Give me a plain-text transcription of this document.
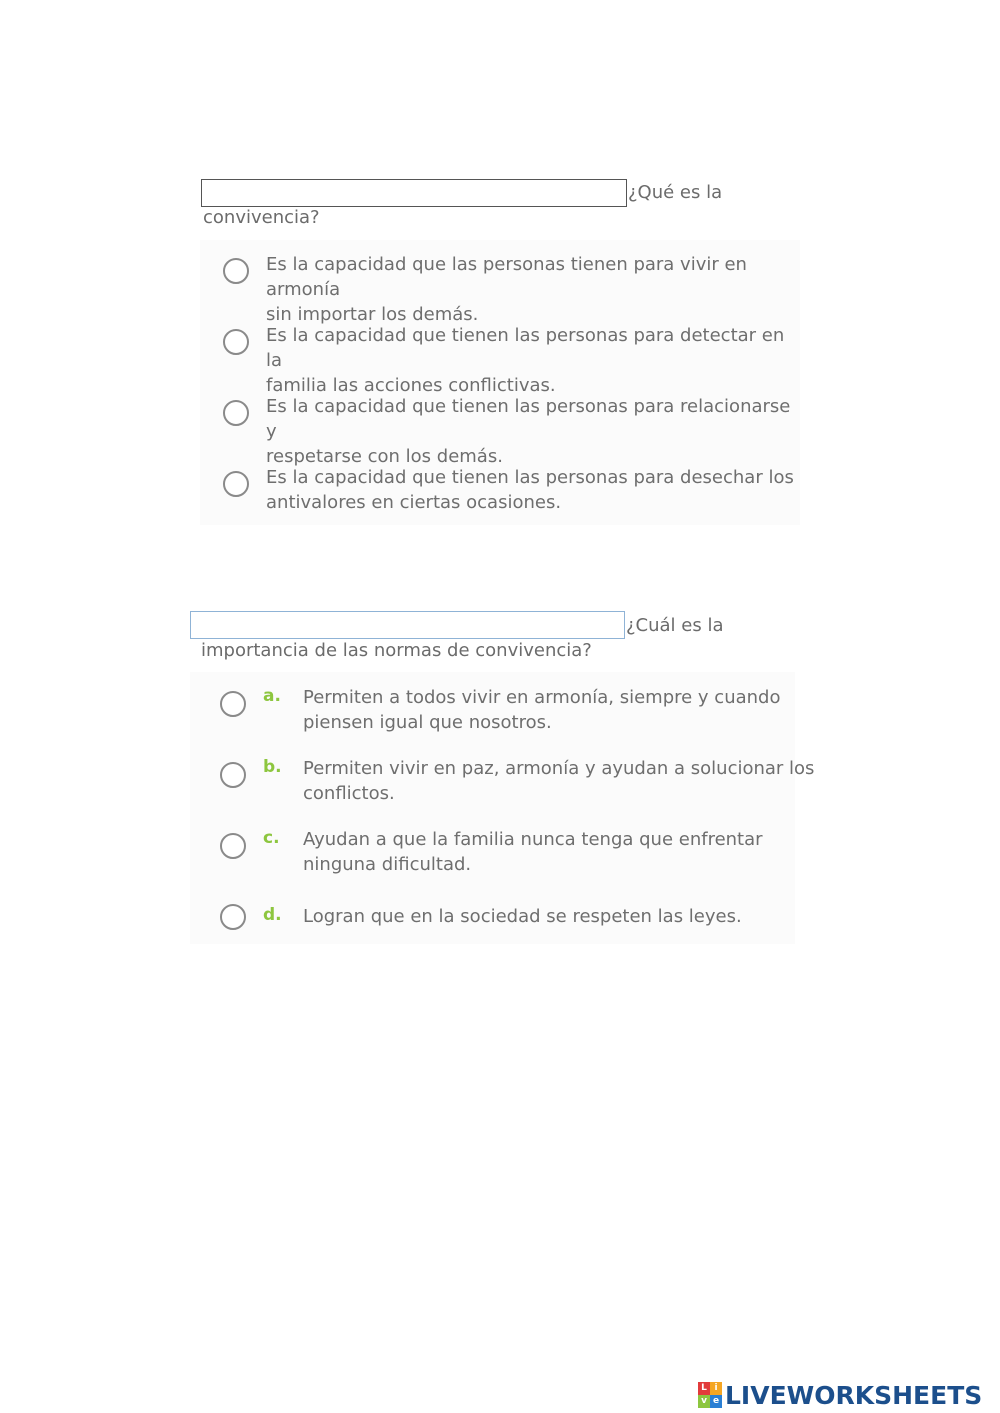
¿Qué es la
convivencia?
Es la capacidad que las personas tienen para vivir en armonía
sin importar los demás.
Es la capacidad que tienen las personas para detectar en la
familia las acciones conflictivas.
Es la capacidad que tienen las personas para relacionarse y
respetarse con los demás.
Es la capacidad que tienen las personas para desechar los
antivalores en ciertas ocasiones.
¿Cuál es la
importancia de las normas de convivencia?
a. Permiten a todos vivir en armonía, siempre y cuando
piensen igual que nosotros.
b. Permiten vivir en paz, armonía y ayudan a solucionar los
conflictos.
c. Ayudan a que la familia nunca tenga que enfrentar
ninguna dificultad.
d. Logran que en la sociedad se respeten las leyes.
L i
v e LIVEWORKSHEETS
